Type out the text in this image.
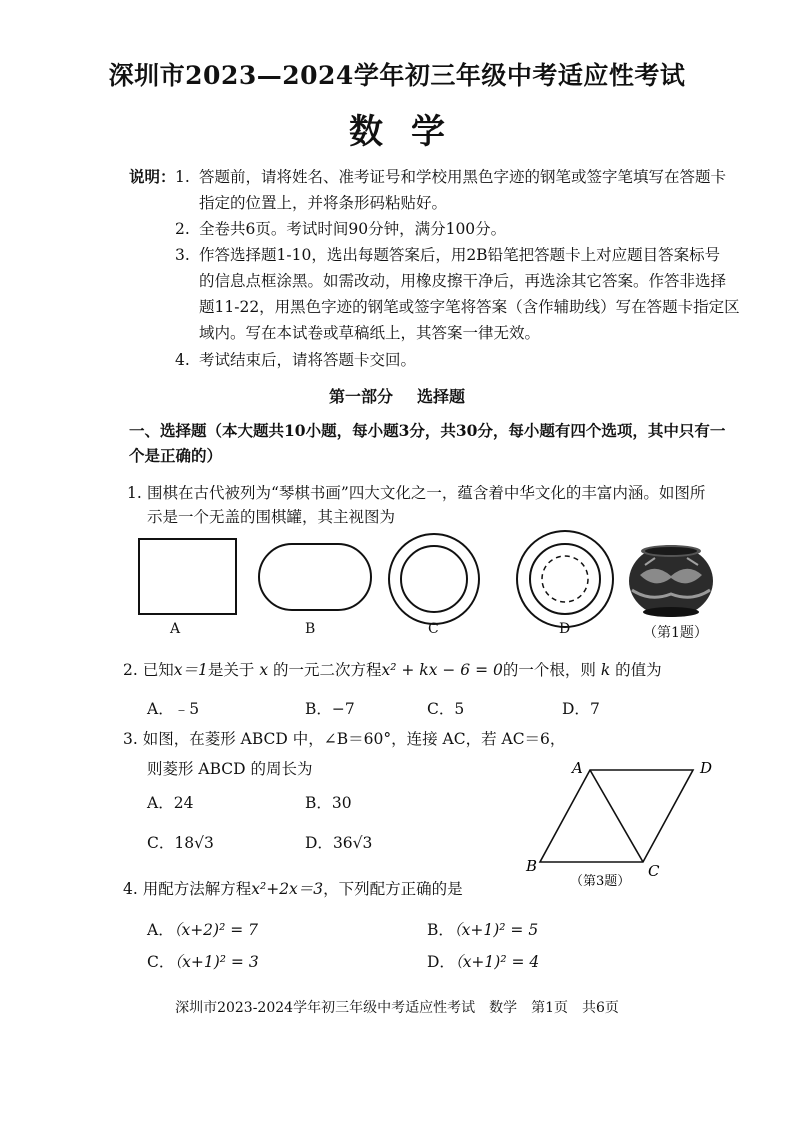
深圳市2023—2024学年初三年级中考适应性考试
数学
说明： 1. 答题前，请将姓名、准考证号和学校用黑色字迹的钢笔或签字笔填写在答题卡
指定的位置上，并将条形码粘贴好。
2. 全卷共6页。考试时间90分钟，满分100分。
3. 作答选择题1-10，选出每题答案后，用2B铅笔把答题卡上对应题目答案标号
的信息点框涂黑。如需改动，用橡皮擦干净后，再选涂其它答案。作答非选择
题11-22，用黑色字迹的钢笔或签字笔将答案（含作辅助线）写在答题卡指定区
域内。写在本试卷或草稿纸上，其答案一律无效。
4. 考试结束后，请将答题卡交回。
第一部分 选择题
一、选择题（本大题共10小题，每小题3分，共30分，每小题有四个选项，其中只有一
个是正确的）
1. 围棋在古代被列为“琴棋书画”四大文化之一，蕴含着中华文化的丰富内涵。如图所
示是一个无盖的围棋罐，其主视图为
A	B	C	D	（第1题）
2. 已知x＝1是关于 x 的一元二次方程x² + kx − 6 = 0的一个根，则 k 的值为
A．﹣5	B．−7	C．5	D．7
3. 如图，在菱形 ABCD 中，∠B＝60°，连接 AC，若 AC＝6，
则菱形 ABCD 的周长为
A．24	B．30
C．18√3	D．36√3
A	D
B	C
（第3题）
4. 用配方法解方程x²+2x＝3，下列配方正确的是
A．（x+2)² = 7	B．（x+1)² = 5
C．（x+1)² = 3	D．（x+1)² = 4
深圳市2023-2024学年初三年级中考适应性考试 数学 第1页 共6页
